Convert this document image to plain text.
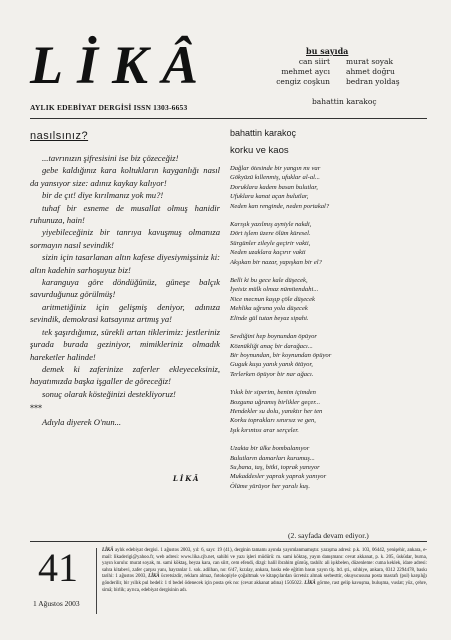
LİKÂ
AYLIK EDEBİYAT DERGİSİ ISSN 1303-6653
bu sayıda
can siirt
mehmet aycı
cengiz coşkun
murat soyak
ahmet doğru
bedran yoldaş
bahattin karakoç
nasılsınız?

...tavrınızın şifresisini ise biz çözeceğiz!

gebe kaldığınız kara koltukların kayganlığı nasıl da yansıyor size: adınız kaykay kalıyor!

bir de çıt! diye kırılmanız yok mu?!

tuhaf bir esneme de musallat olmuş hanidir ruhunuza, hain!

yiyebileceğiniz bir tanrıya kavuşmuş olmanıza sormayın nasıl sevindik!

sizin için tasarlanan altın kafese diyesiymişsiniz ki: altın kadehin sarhoşuyuz biz!

karanguya göre döndüğünüz, güneşe balçık savurduğunuz görülmüş!

aritmetiğiniz için gelişmiş deniyor, adınıza sevindik, demokrasi katsayınız artmış ya!

tek şaşırdığımız, sürekli artan tiklerimiz: jestleriniz şurada burada geziniyor, mimikleriniz olmadık hareketler halinde!

demek ki zaferinize zaferler ekleyeceksiniz, hayatımızda başka işgaller de göreceğiz!

sonuç olarak kösteğinizi destekliyoruz!

***
Adıyla diyerek O'nun...
LİKÂ
bahattin karakoç
korku ve kaos
Dağlar ötesinde bir yangın mı var
Gökyüzü kıllenmiş, ufuklar al-al...
Doruklara kadem basan bulutlar,
Ufuklara kanat açan bulutlar,
Neden kan renginde, neden portakal?
Karışık yazılmış ayniyle nakdi,
Dört işlem üzere ölüm küresel.
Sürgünler zileyle geçirir vakti,
Neden uzaklara kaçırır vakti
Akşıkan bir nazar, yapışkan bir el?
Belli ki bu gece kale düşecek,
İyeisiz mülk olmaz nümitendahi...
Nice mecnun kaşıp çöle düşecek
Mehlika uğruna yola düşecek
Elinde gül tutan beyaz sipahi.
Sevdiğini hep boynundan öpüyor
Köznükliği anaç bir darağacı...
Bir boynundan, bir koynundan öpüyor
Guguk kuşu yanık yanık ötüyor,
Terlerken öpüyor bir nar ağacı.
Yıkık bir siperim, benim içimden
Bozguna uğramış birlikler geçer...
Hendekler su dolu, yanıktır her ten
Korku toprakları sınırsız ve gen,
Işık kırıntısı arar serçeler.
Uzakta bir ülke bombalanıyor
Bulutların damarları kurumuş...
Su,bana, taş, bitki, toprak yanıyor
Mukaddesler yaprak yaprak yanıyor
Ölüme yürüyor her yaralı kuş.
(2. sayfada devam ediyor.)
41
1 Ağustos 2003
LİKÂ aylık edebiyat dergisi. 1 ağustos 2003, yıl: 6, sayı: 19 (41), derginin tamamı ayında yayımlanmamıştır. yazışma adresi: p.k. 103, 06442, yenişehir, ankara, e-mail: likaderigi@yahoo.fr, web adresi: www.lika.cjb.net, sahibi ve yazı işleri müdürü: m. sami köktaş, yayın danışmanı: cevat akkanat, p. k. 205, üsküdar, burna, yayın kurulu: murat soyak, m. sami köktaş, beyza kara, can siirt, cem efendi, dizgi: halil ibrahim gümüş, tashih: ali işıkbelen, düzenleme: cuma keklek, idare adresi: sahra kitabevi, zafer çarşısı yanı, hayranlar 1. sok. adilhan, no: 6/47, kızılay, ankara, baskı ede eğitim basın yayın tiş. ltd. şti., sıhhiye, ankara, 0312 2294478, baskı tarihi: 1 ağustos 2003, LİKÂ ücretsizdir, reklam almaz, fotokopiyle çoğaltmak ve kitapçılardan ücretsiz almak serbesttir, okuyucusuna posta masrafı (pul) karşılığı gönderilir, bir yıllık pul bedeli: 1 tl bedel ödenecek için posta çek no: (cevat akkanat adına) 1505022. LİKÂ görme, rast gelip kavuşma, buluşma, vuslat; yüz, çehre, simâ; birlik; ayrıca, edebiyat dergisinin adı.
